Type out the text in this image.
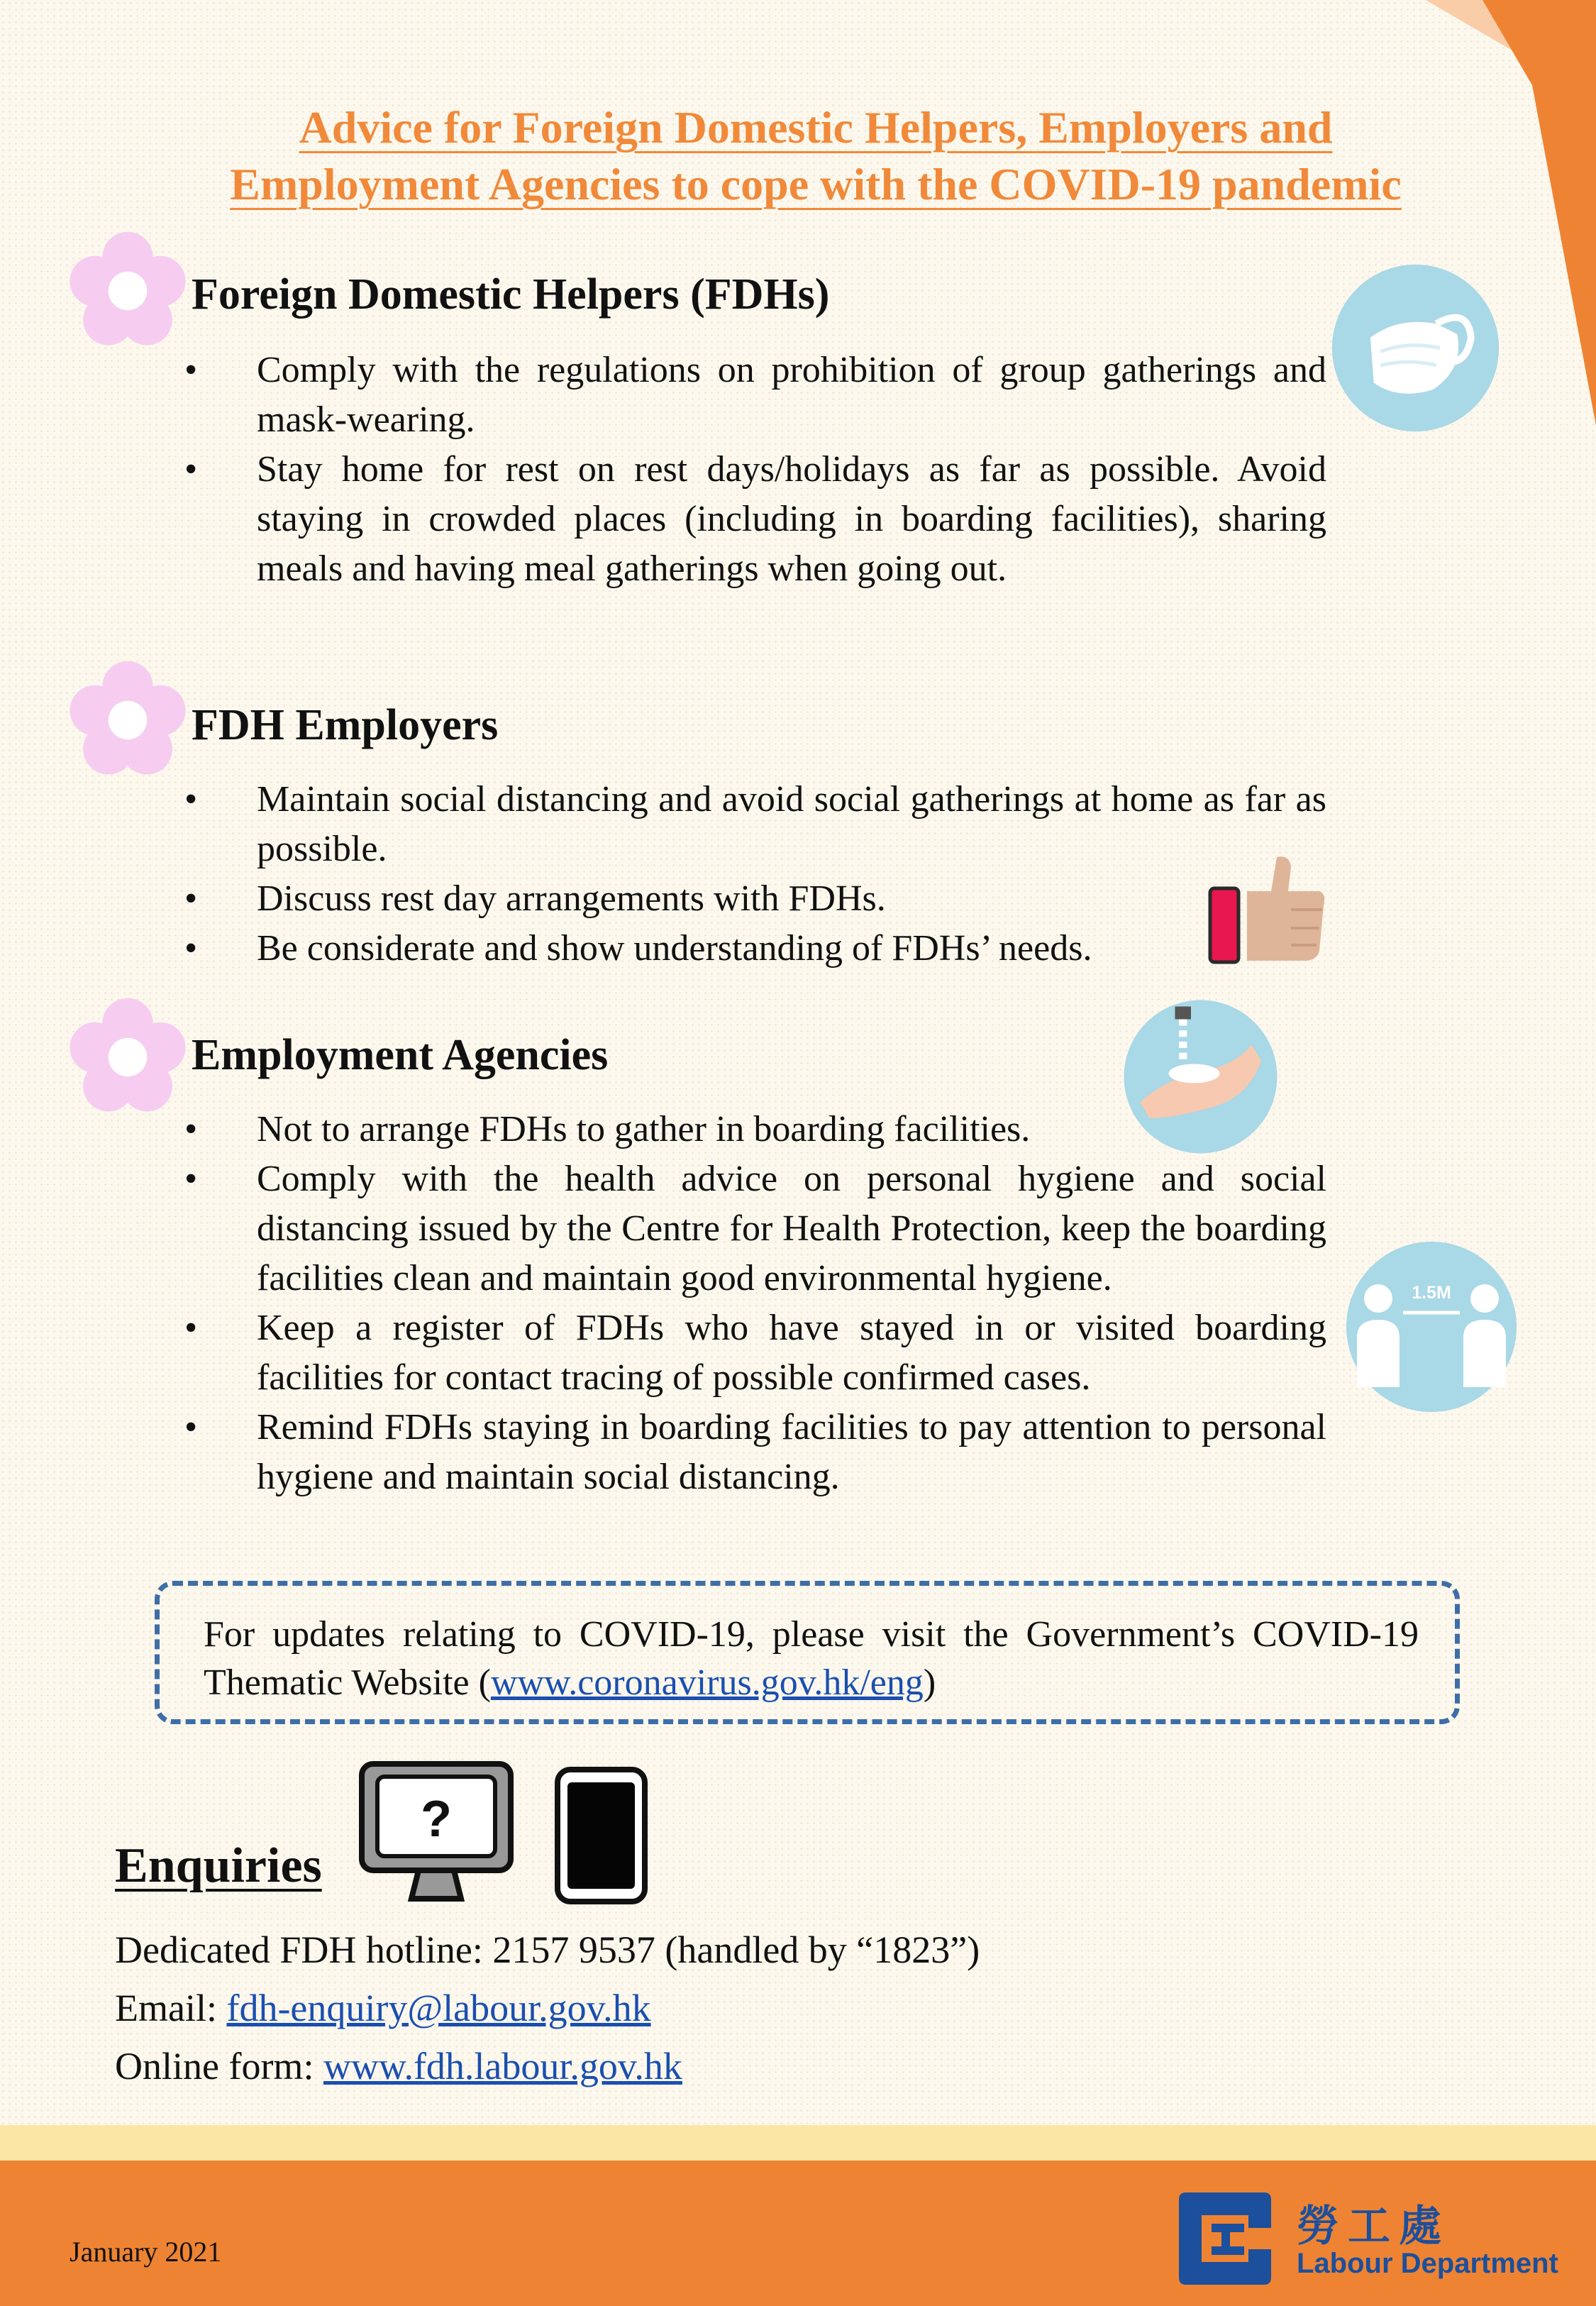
Advice for Foreign Domestic Helpers, Employers and
Employment Agencies to cope with the COVID-19 pandemic
Foreign Domestic Helpers (FDHs)
• Comply with the regulations on prohibition of group gatherings and mask-wearing.
• Stay home for rest on rest days/holidays as far as possible. Avoid staying in crowded places (including in boarding facilities), sharing meals and having meal gatherings when going out.
FDH Employers
• Maintain social distancing and avoid social gatherings at home as far as possible.
• Discuss rest day arrangements with FDHs.
• Be considerate and show understanding of FDHs’ needs.
Employment Agencies
• Not to arrange FDHs to gather in boarding facilities.
• Comply with the health advice on personal hygiene and social distancing issued by the Centre for Health Protection, keep the boarding facilities clean and maintain good environmental hygiene.
• Keep a register of FDHs who have stayed in or visited boarding facilities for contact tracing of possible confirmed cases.
• Remind FDHs staying in boarding facilities to pay attention to personal hygiene and maintain social distancing.
1.5M
For updates relating to COVID-19, please visit the Government’s COVID-19 Thematic Website (www.coronavirus.gov.hk/eng)
Enquiries
?
Dedicated FDH hotline: 2157 9537 (handled by “1823”)
Email: fdh-enquiry@labour.gov.hk
Online form: www.fdh.labour.gov.hk
January 2021
勞工處
Labour Department
